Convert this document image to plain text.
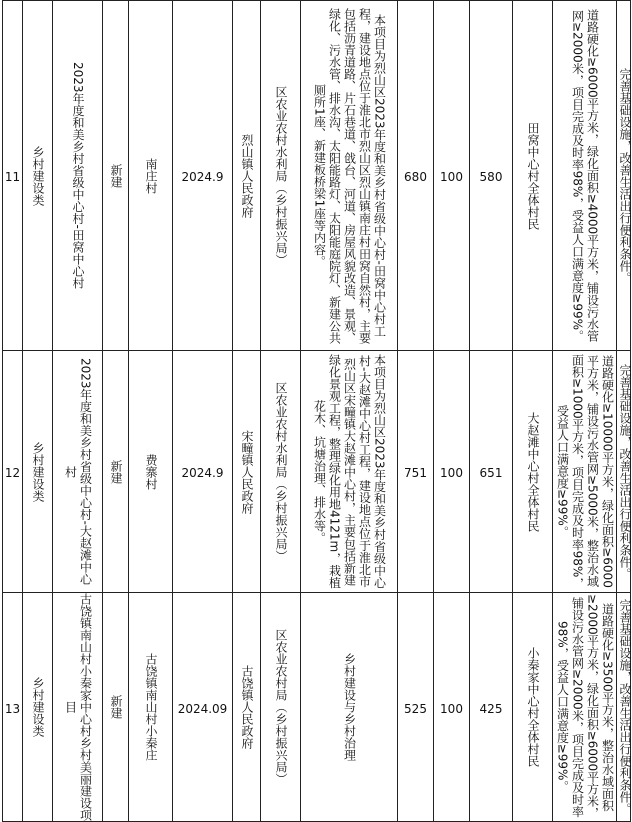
11	乡村建设类	2023年度和美乡村省级中心村-田窝中心村	新建	南庄村	2024.9	烈山镇人民政府	区农业农村水利局（乡村振兴局）	本项目为烈山区2023年度和美乡村省级中心村-田窝中心村工程，建设地点位于淮北市烈山区烈山镇南庄村田窝自然村，主要包括沥青道路、片石巷道、戗台、河道、房屋风貌改造、景观、绿化、污水管、排水沟、太阳能路灯、太阳能庭院灯、新建公共厕所1座、新建板桥梁1座等内容。	680	100	580	田窝中心村全体村民	道路硬化≥6000平方米，绿化面积≥4000平方米，铺设污水管网≥2000米，项目完成及时率98%，受益人口满意度≥99%。	完善基础设施，改善生活出行便利条件。

12	乡村建设类	2023年度和美乡村省级中心村-大赵滩中心村	新建	费寨村	2024.9	宋疃镇人民政府	区农业农村水利局（乡村振兴局）	本项目为烈山区2023年度和美乡村省级中心村-大赵滩中心村工程，建设地点位于淮北市烈山区宋疃镇大赵滩中心村，主要包括新建绿化景观工程，整理绿化用地4121m，栽植花木、坑塘治理、排水等。	751	100	651	大赵滩中心村全体村民	道路硬化≥10000平方米，绿化面积≥6000平方米，铺设污水管网≥5000米，整治水域面积≥1000平方米，项目完成及时率98%，受益人口满意度≥99%。	完善基础设施，改善生活出行便利条件。

13	乡村建设类	古饶镇南山村小秦家中心村乡村美丽建设项目	新建	古饶镇南山村小秦庄	2024.09	古饶镇人民政府	区农业农村局（乡村振兴局）	乡村建设与乡村治理	525	100	425	小秦家中心村全体村民	道路硬化≥3500平方米，整治水域面积≥2000平方米，绿化面积≥6000平方米，铺设污水管网≥2000米，项目完成及时率98%，受益人口满意度≥99%。	完善基础设施，改善生活出行便利条件。
